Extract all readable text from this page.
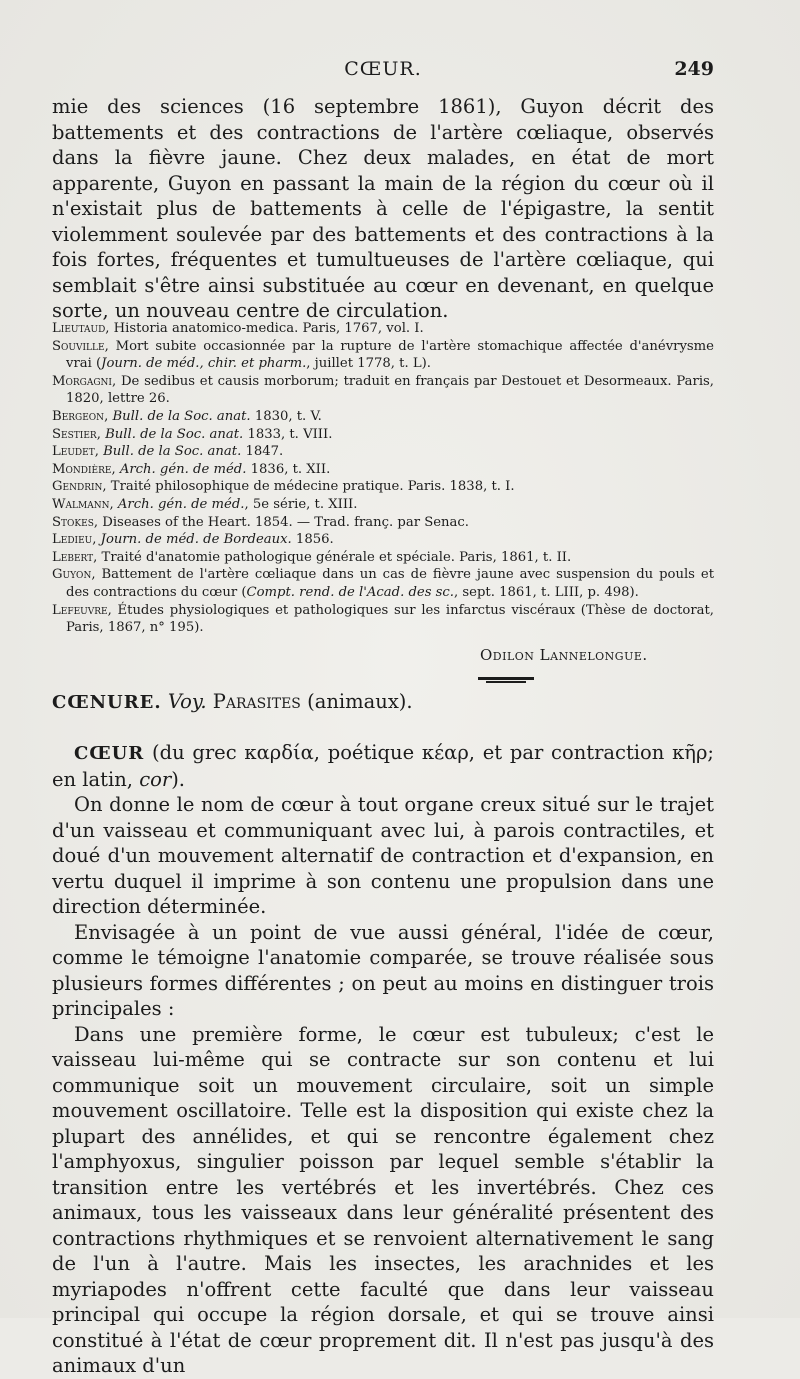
CŒUR.	249

mie des sciences (16 septembre 1861), Guyon décrit des battements et des contractions de l'artère cœliaque, observés dans la fièvre jaune. Chez deux malades, en état de mort apparente, Guyon en passant la main de la région du cœur où il n'existait plus de battements à celle de l'épigastre, la sentit violemment soulevée par des battements et des contractions à la fois fortes, fréquentes et tumultueuses de l'artère cœliaque, qui semblait s'être ainsi substituée au cœur en devenant, en quelque sorte, un nouveau centre de circulation.

Lieutaud, Historia anatomico-medica. Paris, 1767, vol. I.

Souville, Mort subite occasionnée par la rupture de l'artère stomachique affectée d'anévrysme vrai (Journ. de méd., chir. et pharm., juillet 1778, t. L).

Morgagni, De sedibus et causis morborum; traduit en français par Destouet et Desormeaux. Paris, 1820, lettre 26.

Bergeon, Bull. de la Soc. anat. 1830, t. V.

Sestier, Bull. de la Soc. anat. 1833, t. VIII.

Leudet, Bull. de la Soc. anat. 1847.

Mondière, Arch. gén. de méd. 1836, t. XII.

Gendrin, Traité philosophique de médecine pratique. Paris. 1838, t. I.

Walmann, Arch. gén. de méd., 5e série, t. XIII.

Stokes, Diseases of the Heart. 1854. — Trad. franç. par Senac.

Ledieu, Journ. de méd. de Bordeaux. 1856.

Lebert, Traité d'anatomie pathologique générale et spéciale. Paris, 1861, t. II.

Guyon, Battement de l'artère cœliaque dans un cas de fièvre jaune avec suspension du pouls et des contractions du cœur (Compt. rend. de l'Acad. des sc., sept. 1861, t. LIII, p. 498).

Lefeuvre, Études physiologiques et pathologiques sur les infarctus viscéraux (Thèse de doctorat, Paris, 1867, n° 195).

Odilon Lannelongue.
CŒNURE. Voy. Parasites (animaux).

CŒUR (du grec καρδία, poétique κέαρ, et par contraction κῆρ; en latin, cor).

On donne le nom de cœur à tout organe creux situé sur le trajet d'un vaisseau et communiquant avec lui, à parois contractiles, et doué d'un mouvement alternatif de contraction et d'expansion, en vertu duquel il imprime à son contenu une propulsion dans une direction déterminée.

Envisagée à un point de vue aussi général, l'idée de cœur, comme le témoigne l'anatomie comparée, se trouve réalisée sous plusieurs formes différentes ; on peut au moins en distinguer trois principales :

Dans une première forme, le cœur est tubuleux; c'est le vaisseau lui-même qui se contracte sur son contenu et lui communique soit un mouvement circulaire, soit un simple mouvement oscillatoire. Telle est la disposition qui existe chez la plupart des annélides, et qui se rencontre également chez l'amphyoxus, singulier poisson par lequel semble s'établir la transition entre les vertébrés et les invertébrés. Chez ces animaux, tous les vaisseaux dans leur généralité présentent des contractions rhythmiques et se renvoient alternativement le sang de l'un à l'autre. Mais les insectes, les arachnides et les myriapodes n'offrent cette faculté que dans leur vaisseau principal qui occupe la région dorsale, et qui se trouve ainsi constitué à l'état de cœur proprement dit. Il n'est pas jusqu'à des animaux d'un
